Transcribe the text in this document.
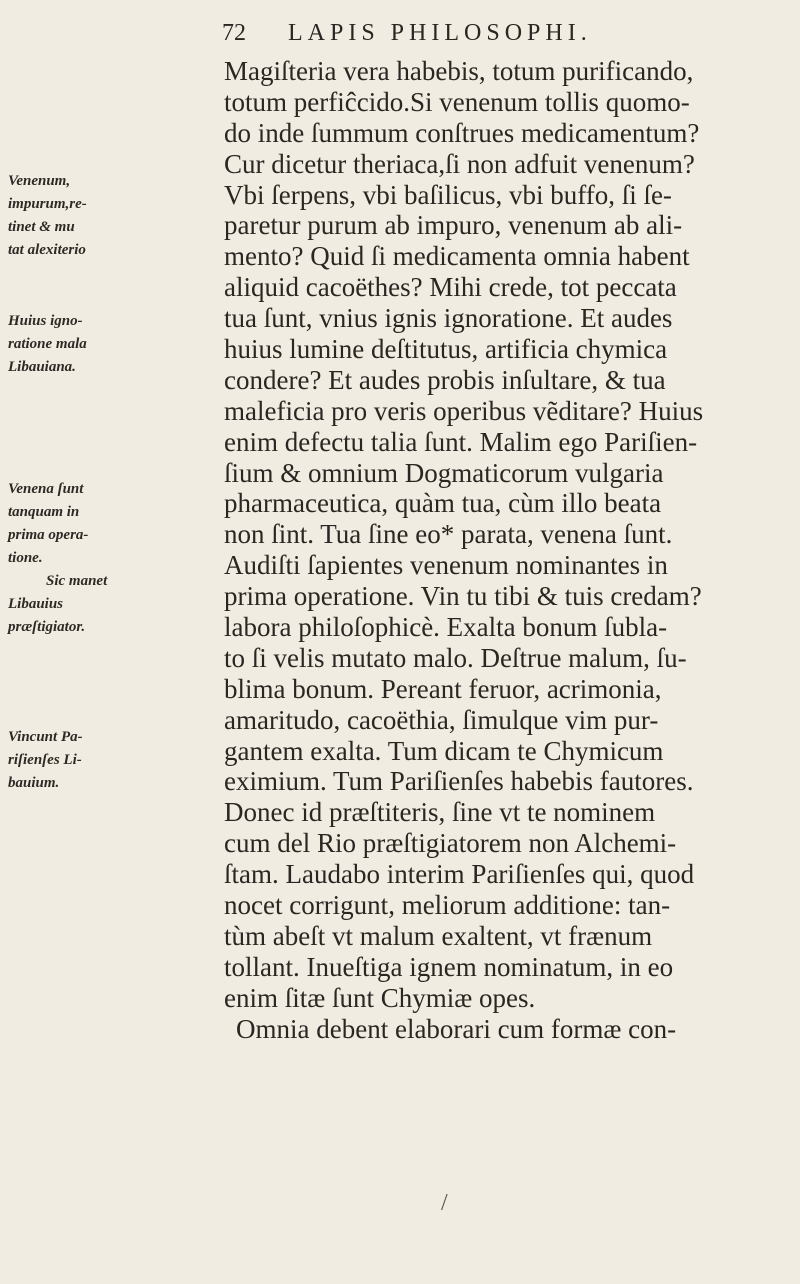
72 LAPIS PHILOSOPHI.
Magiſteria vera habebis, totum purificando,
totum perfiĉcido.Si venenum tollis quomo-
do inde ſummum conſtrues medicamentum?
Cur dicetur theriaca,ſi non adfuit venenum?
Vbi ſerpens, vbi baſilicus, vbi buffo, ſi ſe-
paretur purum ab impuro, venenum ab ali-
mento? Quid ſi medicamenta omnia habent
aliquid cacoëthes? Mihi crede, tot peccata
tua ſunt, vnius ignis ignoratione. Et audes
huius lumine deſtitutus, artificia chymica
condere? Et audes probis inſultare, & tua
maleficia pro veris operibus vẽditare? Huius
enim defectu talia ſunt. Malim ego Pariſien-
ſium & omnium Dogmaticorum vulgaria
pharmaceutica, quàm tua, cùm illo beata
non ſint. Tua ſine eo* parata, venena ſunt.
Audiſti ſapientes venenum nominantes in
prima operatione. Vin tu tibi & tuis credam?
labora philoſophicè. Exalta bonum ſubla-
to ſi velis mutato malo. Deſtrue malum, ſu-
blima bonum. Pereant feruor, acrimonia,
amaritudo, cacoëthia, ſimulque vim pur-
gantem exalta. Tum dicam te Chymicum
eximium. Tum Pariſienſes habebis fautores.
Donec id præſtiteris, ſine vt te nominem
cum del Rio præſtigiatorem non Alchemi-
ſtam. Laudabo interim Pariſienſes qui, quod
nocet corrigunt, meliorum additione: tan-
tùm abeſt vt malum exaltent, vt frænum
tollant. Inueſtiga ignem nominatum, in eo
enim ſitæ ſunt Chymiæ opes.
Omnia debent elaborari cum formæ con-
Venenum,
impurum,re-
tinet & mu
tat alexiterio
Huius igno-
ratione mala
Libauiana.
Venena ſunt
tanquam in
prima opera-
tione.
Sic manet
Libauius
præſtigiator.
Vincunt Pa-
riſienſes Li-
bauium.
/
